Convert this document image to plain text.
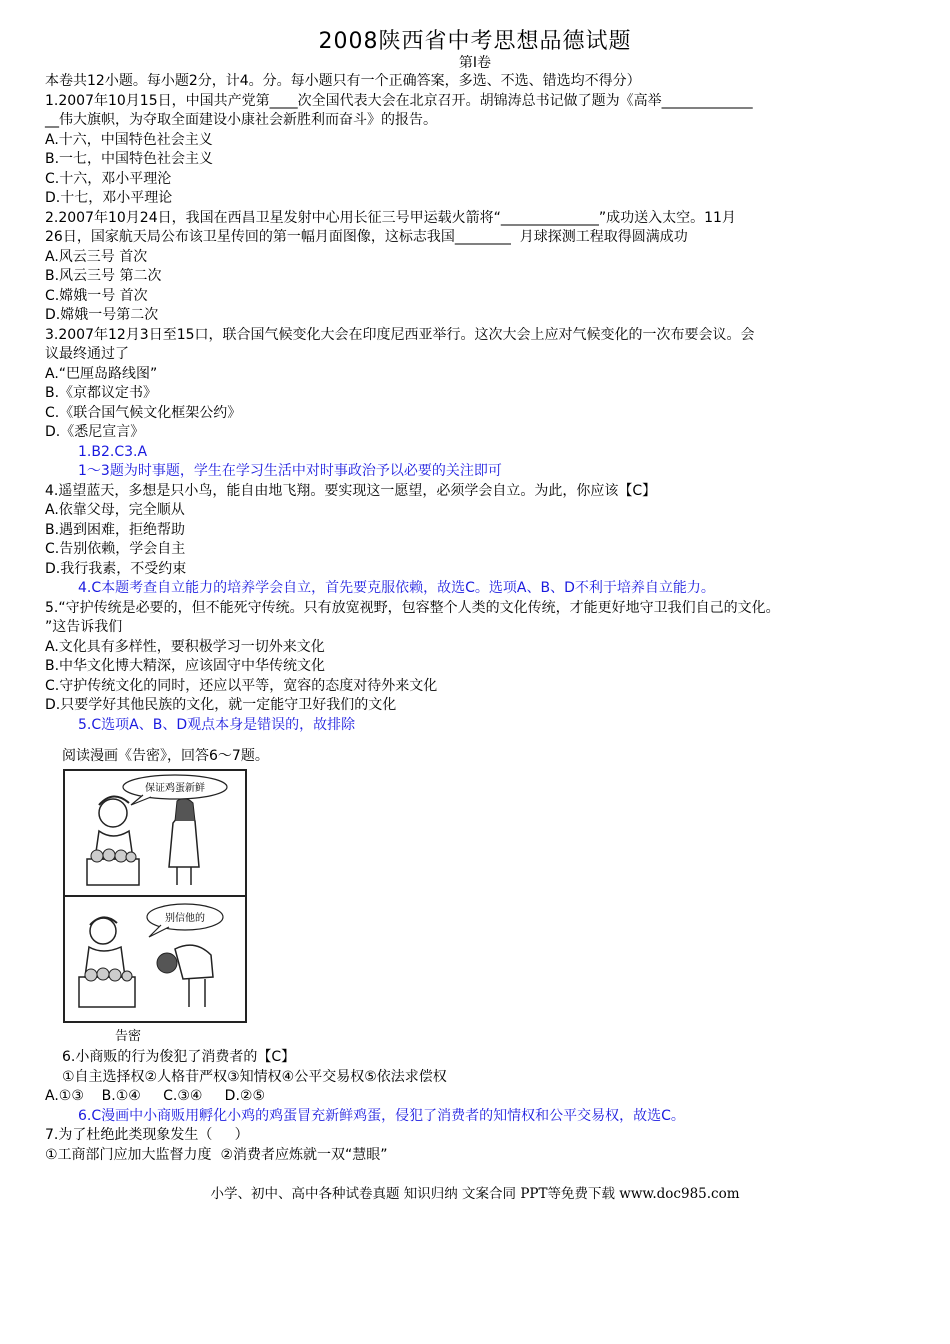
2008陕西省中考思想品德试题
第Ⅰ卷
本卷共12小题。每小题2分，计4。分。每小题只有一个正确答案，多选、不选、错选均不得分）
1.2007年10月15日，中国共产党第____次全国代表大会在北京召开。胡锦涛总书记做了题为《高举_____________
__伟大旗帜，为夺取全面建设小康社会新胜利而奋斗》的报告。
A.十六，中国特色社会主义
B.一七，中国特色社会主义
C.十六，邓小平理沦
D.十七，邓小平理论
2.2007年10月24日，我国在西昌卫星发射中心用长征三号甲运载火箭将“______________”成功送入太空。11月
26日，国家航天局公布该卫星传回的第一幅月面图像，这标志我国________  月球探测工程取得圆满成功
A.风云三号 首次
B.风云三号 第二次
C.嫦娥一号 首次
D.嫦娥一号第二次
3.2007年12月3日至15口，联合国气候变化大会在印度尼西亚举行。这次大会上应对气候变化的一次布要会议。会
议最终通过了
A.“巴厘岛路线图”
B.《京都议定书》
C.《联合国气候文化框架公约》
D.《悉尼宣言》
1.B2.C3.A
1～3题为时事题，学生在学习生活中对时事政治予以必要的关注即可
4.遥望蓝天，多想是只小鸟，能自由地飞翔。要实现这一愿望，必须学会自立。为此，你应该【C】
A.依靠父母，完全顺从
B.遇到困难，拒绝帮助
C.告别依赖，学会自主
D.我行我素，不受约束
4.C本题考查自立能力的培养学会自立，首先要克服依赖，故选C。选项A、B、D不利于培养自立能力。
5.“守护传统是必要的，但不能死守传统。只有放宽视野，包容整个人类的文化传统，才能更好地守卫我们自己的文化。
”这告诉我们
A.文化具有多样性，要积极学习一切外来文化
B.中华文化博大精深，应该固守中华传统文化
C.守护传统文化的同时，还应以平等，宽容的态度对待外来文化
D.只要学好其他民族的文化，就一定能守卫好我们的文化
5.C选项A、B、D观点本身是错误的，故排除
阅读漫画《告密》，回答6～7题。
保证鸡蛋新鲜
别信他的
告密
6.小商贩的行为俊犯了消费者的【C】
①自主选择权②人格苷严权③知情权④公平交易权⑤依法求偿权
A.①③    B.①④     C.③④     D.②⑤
6.C漫画中小商贩用孵化小鸡的鸡蛋冒充新鲜鸡蛋，侵犯了消费者的知情权和公平交易权，故选C。
7.为了杜绝此类现象发生（     ）
①工商部门应加大监督力度  ②消费者应炼就一双“慧眼”
小学、初中、高中各种试卷真题 知识归纳 文案合同 PPT等免费下载 www.doc985.com
